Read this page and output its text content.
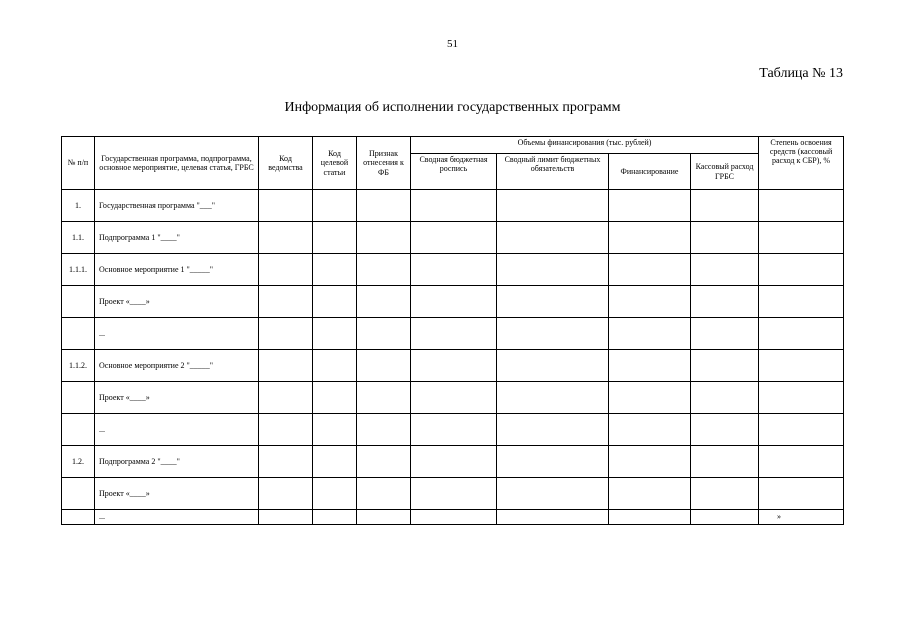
51
Таблица № 13
Информация об исполнении государственных программ
№ п/п	Государственная программа, подпрограмма, основное мероприятие, целевая статья, ГРБС	Код ведомства	Код целевой статьи	Признак отнесения к ФБ	Объемы финансирования (тыс. рублей)				Степень освоения средств (кассовый расход к СБР), %
					Сводная бюджетная роспись	Сводный лимит бюджетных обязательств	Финансирование	Кассовый расход ГРБС	
1.	Государственная программа "___"								
1.1.	Подпрограмма 1 "____"								
1.1.1.	Основное мероприятие 1 "_____"								
	Проект «____»								
	...								
1.1.2.	Основное мероприятие 2 "_____"								
	Проект «____»								
	...								
1.2.	Подпрограмма 2 "____"								
	Проект «____»								
	...								»
